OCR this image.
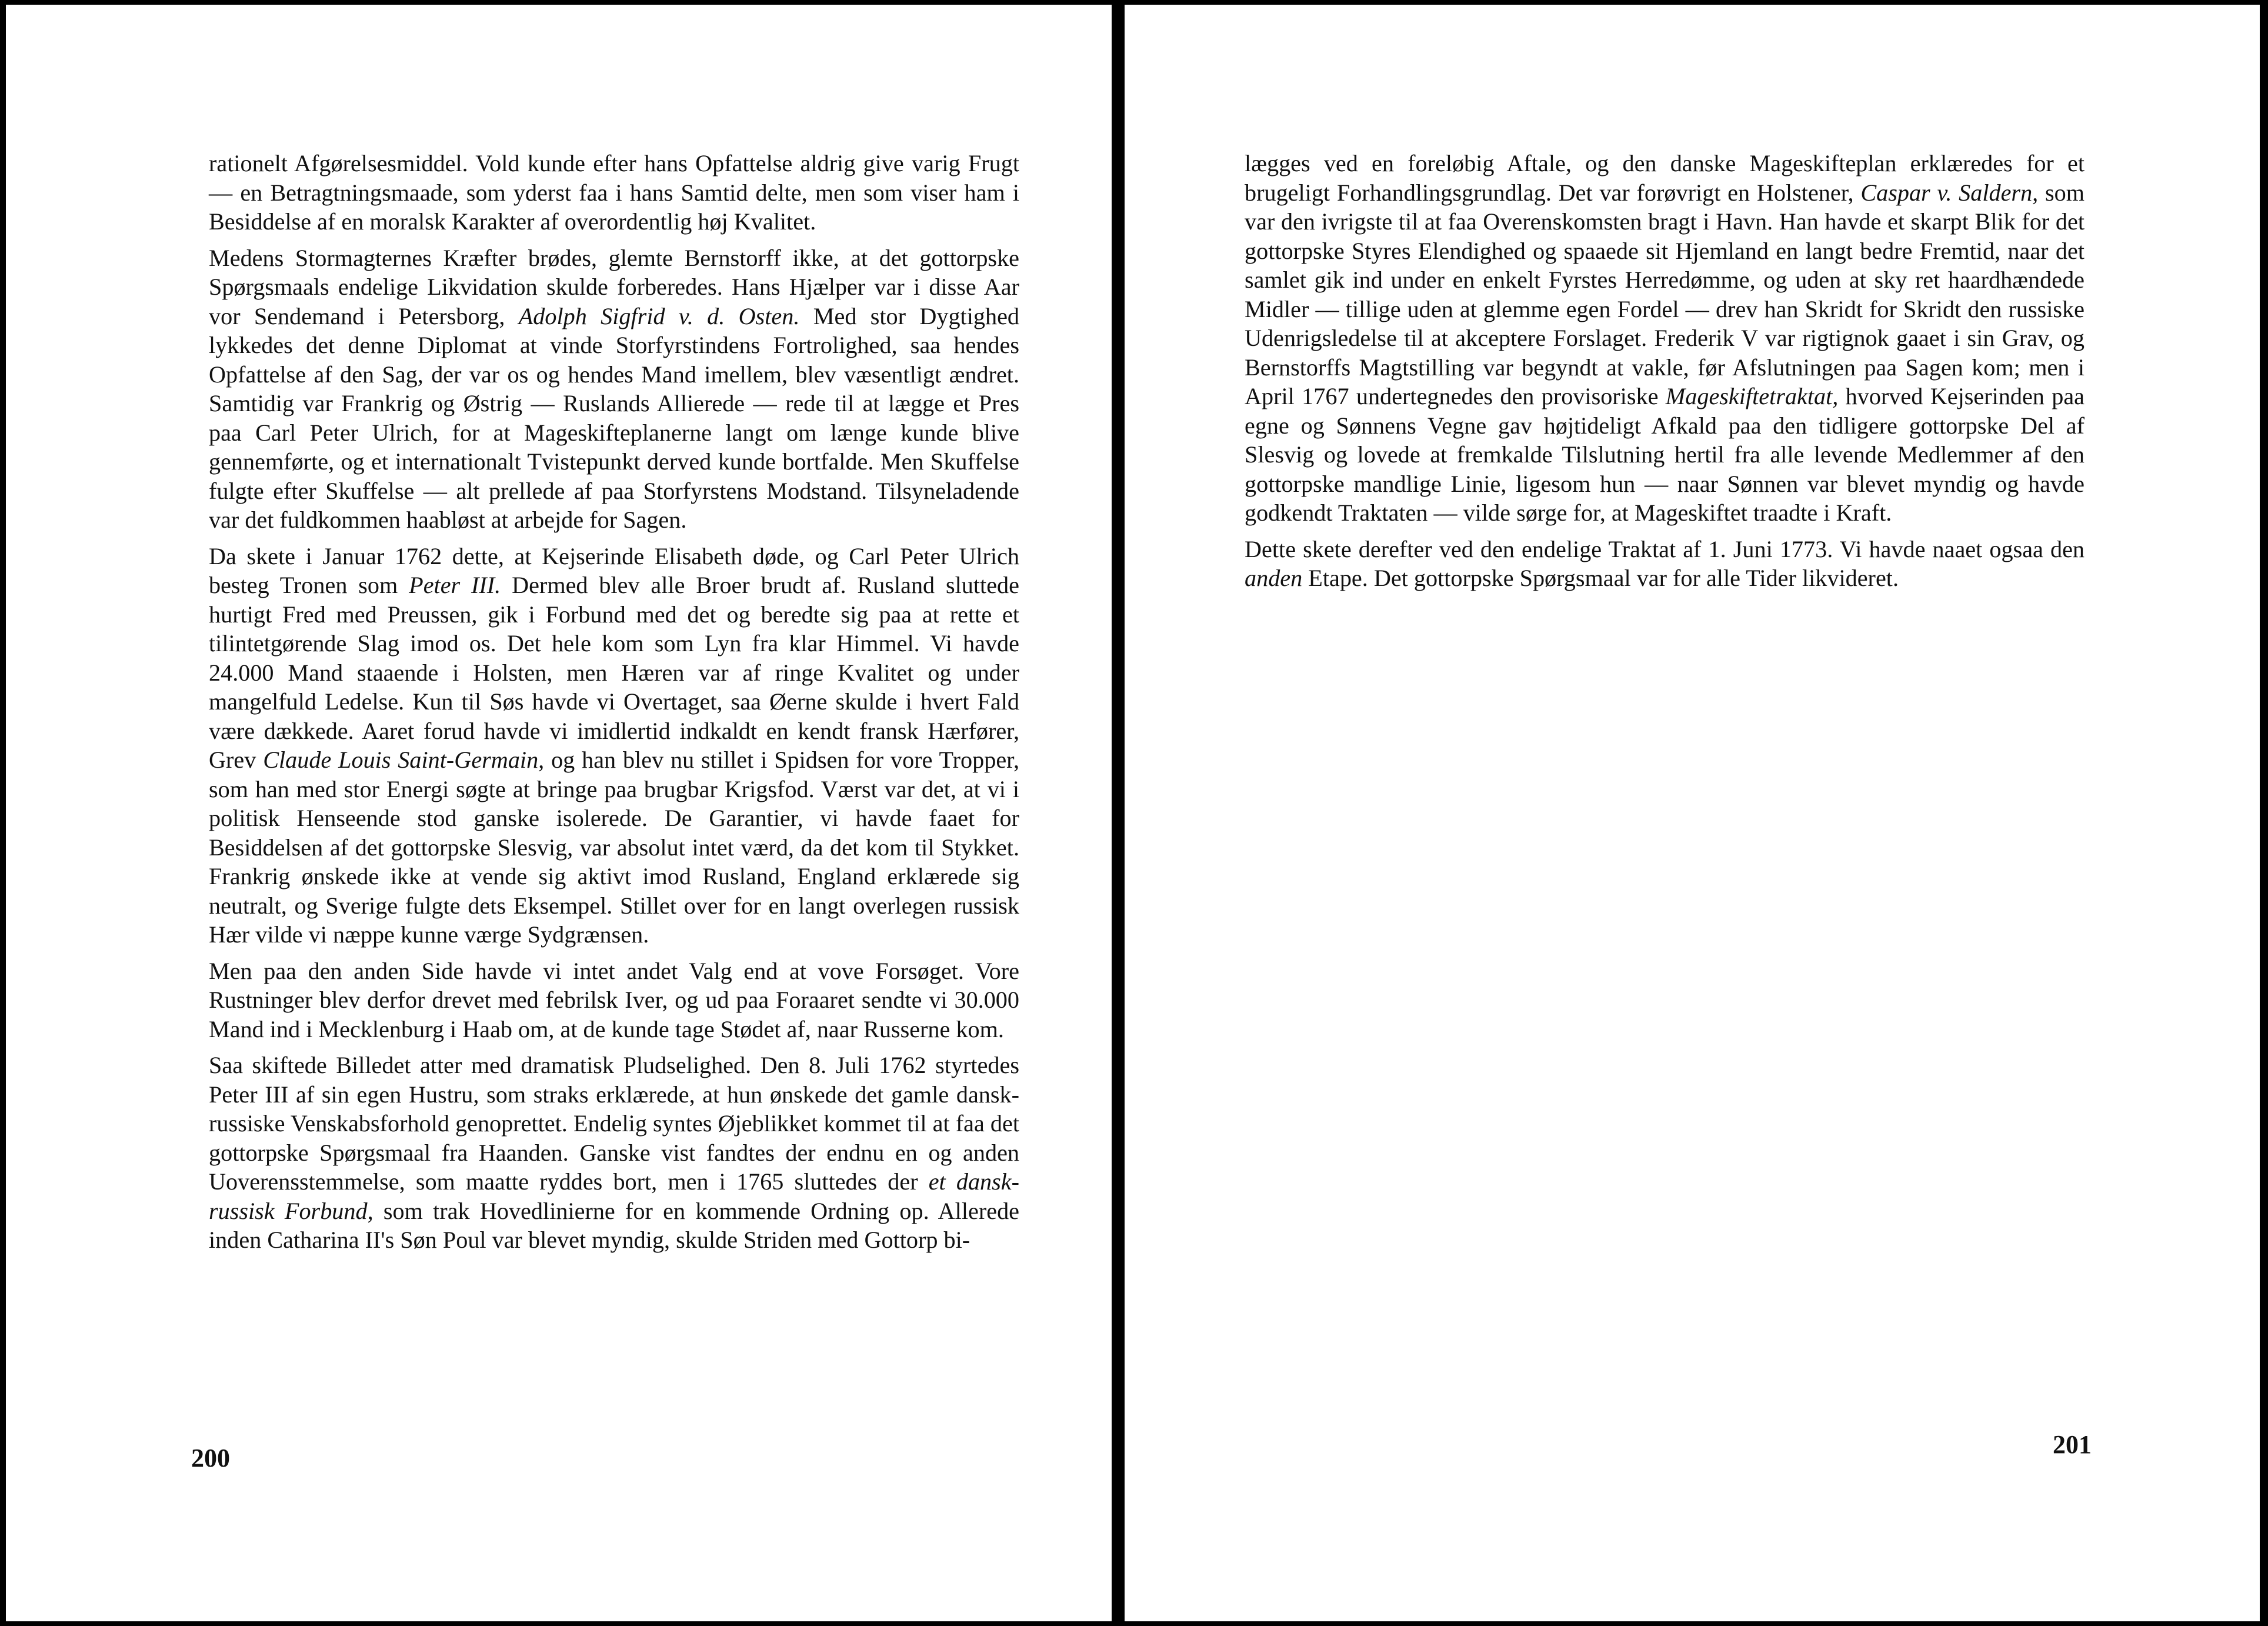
rationelt Afgørelsesmiddel. Vold kunde efter hans Opfattelse aldrig give varig Frugt — en Betragtningsmaade, som yderst faa i hans Samtid delte, men som viser ham i Besiddelse af en moralsk Karakter af overordentlig høj Kvalitet.

Medens Stormagternes Kræfter brødes, glemte Bernstorff ikke, at det gottorpske Spørgsmaals endelige Likvidation skulde forberedes. Hans Hjælper var i disse Aar vor Sendemand i Petersborg, Adolph Sigfrid v. d. Osten. Med stor Dygtighed lykkedes det denne Diplomat at vinde Storfyrstindens Fortrolighed, saa hendes Opfattelse af den Sag, der var os og hendes Mand imellem, blev væsentligt ændret. Samtidig var Frankrig og Østrig — Ruslands Allierede — rede til at lægge et Pres paa Carl Peter Ulrich, for at Mageskifteplanerne langt om længe kunde blive gennemførte, og et internationalt Tvistepunkt derved kunde bortfalde. Men Skuffelse fulgte efter Skuffelse — alt prellede af paa Storfyrstens Modstand. Tilsyneladende var det fuldkommen haabløst at arbejde for Sagen.

Da skete i Januar 1762 dette, at Kejserinde Elisabeth døde, og Carl Peter Ulrich besteg Tronen som Peter III. Dermed blev alle Broer brudt af. Rusland sluttede hurtigt Fred med Preussen, gik i Forbund med det og beredte sig paa at rette et tilintetgørende Slag imod os. Det hele kom som Lyn fra klar Himmel. Vi havde 24.000 Mand staaende i Holsten, men Hæren var af ringe Kvalitet og under mangelfuld Ledelse. Kun til Søs havde vi Overtaget, saa Øerne skulde i hvert Fald være dækkede. Aaret forud havde vi imidlertid indkaldt en kendt fransk Hærfører, Grev Claude Louis Saint-Germain, og han blev nu stillet i Spidsen for vore Tropper, som han med stor Energi søgte at bringe paa brugbar Krigsfod. Værst var det, at vi i politisk Henseende stod ganske isolerede. De Garantier, vi havde faaet for Besiddelsen af det gottorpske Slesvig, var absolut intet værd, da det kom til Stykket. Frankrig ønskede ikke at vende sig aktivt imod Rusland, England erklærede sig neutralt, og Sverige fulgte dets Eksempel. Stillet over for en langt overlegen russisk Hær vilde vi næppe kunne værge Sydgrænsen.

Men paa den anden Side havde vi intet andet Valg end at vove Forsøget. Vore Rustninger blev derfor drevet med febrilsk Iver, og ud paa Foraaret sendte vi 30.000 Mand ind i Mecklenburg i Haab om, at de kunde tage Stødet af, naar Russerne kom.

Saa skiftede Billedet atter med dramatisk Pludselighed. Den 8. Juli 1762 styrtedes Peter III af sin egen Hustru, som straks erklærede, at hun ønskede det gamle dansk-russiske Venskabsforhold genoprettet. Endelig syntes Øjeblikket kommet til at faa det gottorpske Spørgsmaal fra Haanden. Ganske vist fandtes der endnu en og anden Uoverensstemmelse, som maatte ryddes bort, men i 1765 sluttedes der et dansk-russisk Forbund, som trak Hovedlinierne for en kommende Ordning op. Allerede inden Catharina II's Søn Poul var blevet myndig, skulde Striden med Gottorp bi-

200

lægges ved en foreløbig Aftale, og den danske Mageskifteplan erklæredes for et brugeligt Forhandlingsgrundlag. Det var forøvrigt en Holstener, Caspar v. Saldern, som var den ivrigste til at faa Overenskomsten bragt i Havn. Han havde et skarpt Blik for det gottorpske Styres Elendighed og spaaede sit Hjemland en langt bedre Fremtid, naar det samlet gik ind under en enkelt Fyrstes Herredømme, og uden at sky ret haardhændede Midler — tillige uden at glemme egen Fordel — drev han Skridt for Skridt den russiske Udenrigsledelse til at akceptere Forslaget. Frederik V var rigtignok gaaet i sin Grav, og Bernstorffs Magtstilling var begyndt at vakle, før Afslutningen paa Sagen kom; men i April 1767 undertegnedes den provisoriske Mageskiftetraktat, hvorved Kejserinden paa egne og Sønnens Vegne gav højtideligt Afkald paa den tidligere gottorpske Del af Slesvig og lovede at fremkalde Tilslutning hertil fra alle levende Medlemmer af den gottorpske mandlige Linie, ligesom hun — naar Sønnen var blevet myndig og havde godkendt Traktaten — vilde sørge for, at Mageskiftet traadte i Kraft.

Dette skete derefter ved den endelige Traktat af 1. Juni 1773. Vi havde naaet ogsaa den anden Etape. Det gottorpske Spørgsmaal var for alle Tider likvideret.

201
